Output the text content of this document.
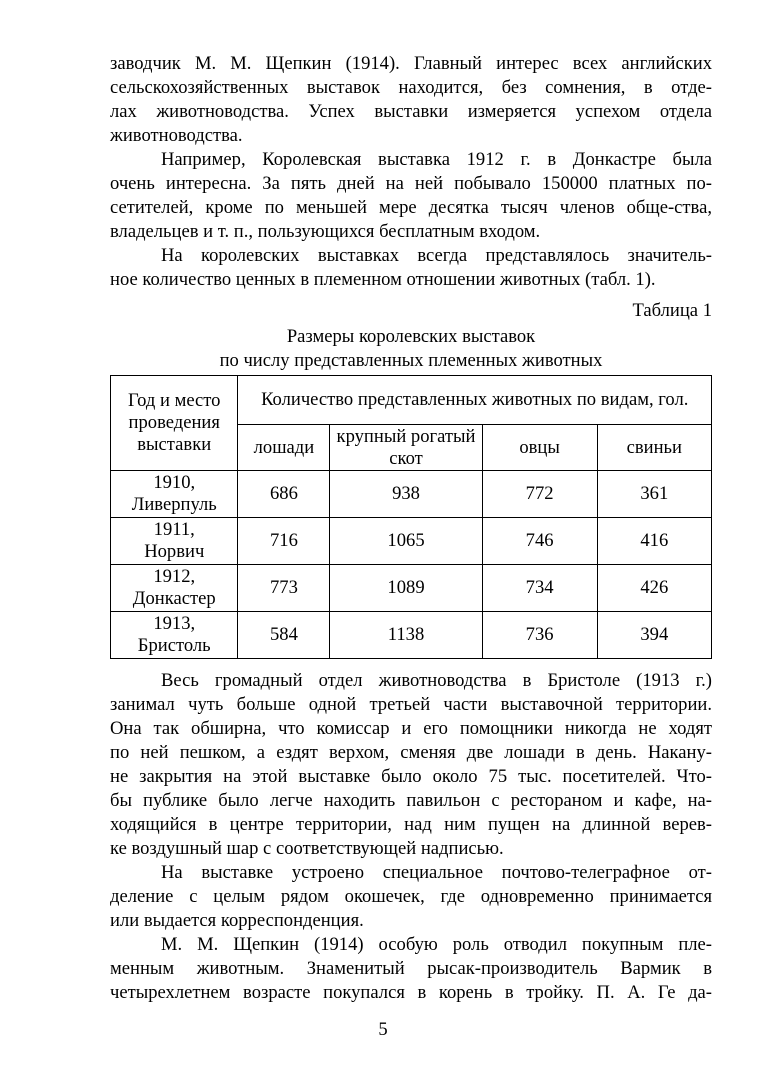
заводчик М. М. Щепкин (1914). Главный интерес всех английских
сельскохозяйственных выставок находится, без сомнения, в отде-
лах животноводства. Успех выставки измеряется успехом отдела
животноводства.

Например, Королевская выставка 1912 г. в Донкастре была
очень интересна. За пять дней на ней побывало 150000 платных по-
сетителей, кроме по меньшей мере десятка тысяч членов обще-ства,
владельцев и т. п., пользующихся бесплатным входом.

На королевских выставках всегда представлялось значитель-
ное количество ценных в племенном отношении животных (табл. 1).

Таблица 1
Размеры королевских выставок
по числу представленных племенных животных
Год и место проведения выставки	Количество представленных животных по видам, гол.			
	лошади	крупный рогатый скот	овцы	свиньи

1910,
Ливерпуль	686	938	772	361

1911,
Норвич	716	1065	746	416

1912,
Донкастер	773	1089	734	426

1913,
Бристоль	584	1138	736	394

Весь громадный отдел животноводства в Бристоле (1913 г.)
занимал чуть больше одной третьей части выставочной территории.
Она так обширна, что комиссар и его помощники никогда не ходят
по ней пешком, а ездят верхом, сменяя две лошади в день. Накану-
не закрытия на этой выставке было около 75 тыс. посетителей. Что-
бы публике было легче находить павильон с рестораном и кафе, на-
ходящийся в центре территории, над ним пущен на длинной верев-
ке воздушный шар с соответствующей надписью.

На выставке устроено специальное почтово-телеграфное от-
деление с целым рядом окошечек, где одновременно принимается
или выдается корреспонденция.

М. М. Щепкин (1914) особую роль отводил покупным пле-
менным животным. Знаменитый рысак-производитель Вармик в
четырехлетнем возрасте покупался в корень в тройку. П. А. Ге да-

5
